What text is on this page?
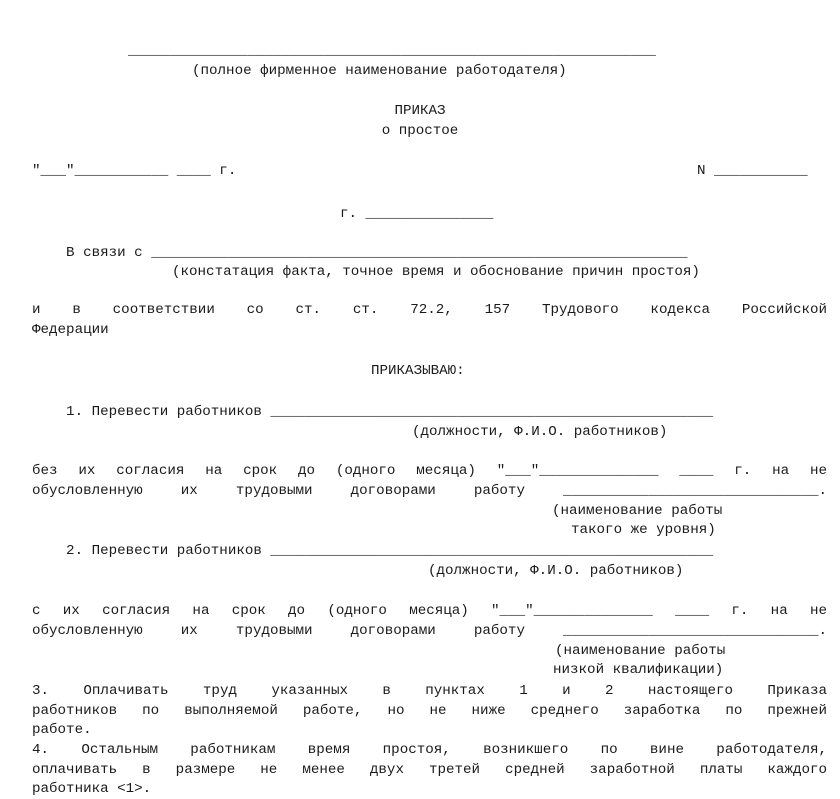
______________________________________________________________
(полное фирменное наименование работодателя)
ПРИКАЗ
о простое
"___"___________ ____ г.	N ___________
г. _______________
В связи с _______________________________________________________________
(констатация факта, точное время и обоснование причин простоя)
и в соответствии со ст. ст. 72.2, 157 Трудового кодекса Российской
Федерации
ПРИКАЗЫВАЮ:
1. Перевести работников ____________________________________________________
(должности, Ф.И.О. работников)
без их согласия на срок до (одного месяца) "___"______________ ____ г. на не
обусловленную их трудовыми договорами работу ______________________________.
(наименование работы
такого же уровня)
2. Перевести работников ____________________________________________________
(должности, Ф.И.О. работников)
с их согласия на срок до (одного месяца) "___"______________ ____ г. на не
обусловленную их трудовыми договорами работу ______________________________.
(наименование работы
низкой квалификации)
3. Оплачивать труд указанных в пунктах 1 и 2 настоящего Приказа
работников по выполняемой работе, но не ниже среднего заработка по прежней
работе.
4. Остальным работникам время простоя, возникшего по вине работодателя,
оплачивать в размере не менее двух третей средней заработной платы каждого
работника <1>.
